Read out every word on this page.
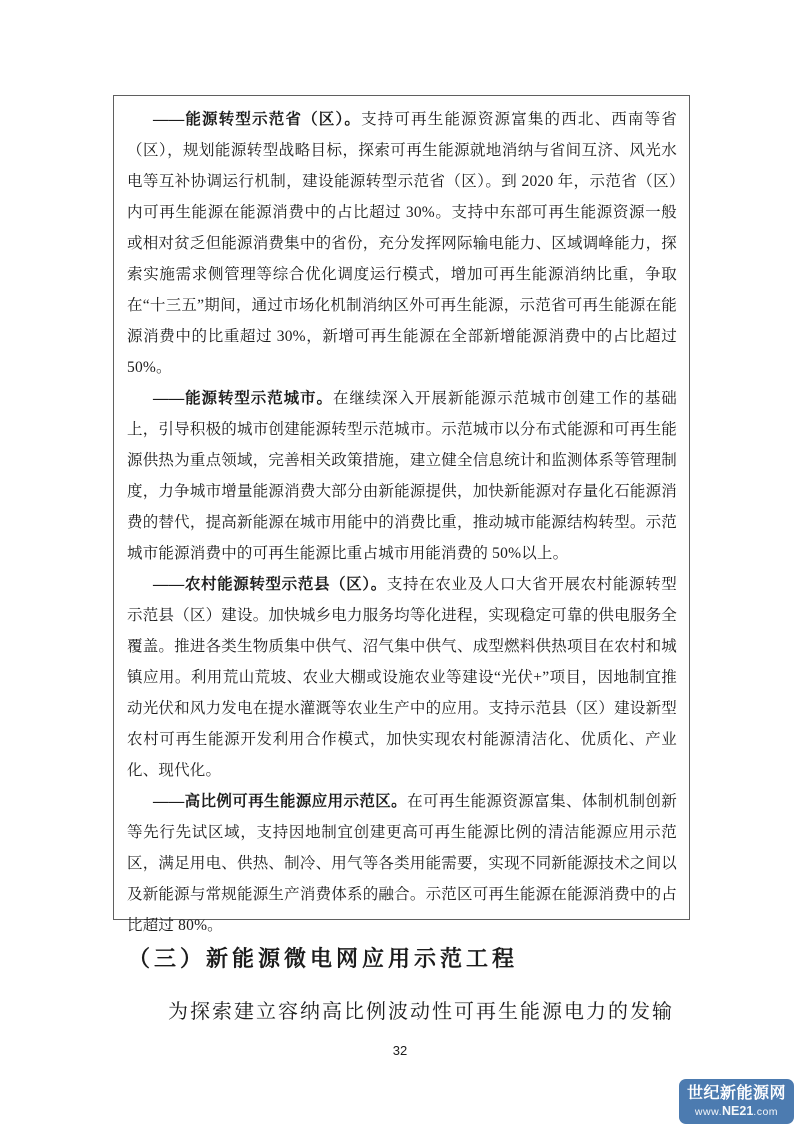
——能源转型示范省（区）。支持可再生能源资源富集的西北、西南等省（区），规划能源转型战略目标，探索可再生能源就地消纳与省间互济、风光水电等互补协调运行机制，建设能源转型示范省（区）。到 2020 年，示范省（区）内可再生能源在能源消费中的占比超过 30%。支持中东部可再生能源资源一般或相对贫乏但能源消费集中的省份，充分发挥网际输电能力、区域调峰能力，探索实施需求侧管理等综合优化调度运行模式，增加可再生能源消纳比重，争取在“十三五”期间，通过市场化机制消纳区外可再生能源，示范省可再生能源在能源消费中的比重超过 30%，新增可再生能源在全部新增能源消费中的占比超过 50%。

——能源转型示范城市。在继续深入开展新能源示范城市创建工作的基础上，引导积极的城市创建能源转型示范城市。示范城市以分布式能源和可再生能源供热为重点领域，完善相关政策措施，建立健全信息统计和监测体系等管理制度，力争城市增量能源消费大部分由新能源提供，加快新能源对存量化石能源消费的替代，提高新能源在城市用能中的消费比重，推动城市能源结构转型。示范城市能源消费中的可再生能源比重占城市用能消费的 50%以上。

——农村能源转型示范县（区）。支持在农业及人口大省开展农村能源转型示范县（区）建设。加快城乡电力服务均等化进程，实现稳定可靠的供电服务全覆盖。推进各类生物质集中供气、沼气集中供气、成型燃料供热项目在农村和城镇应用。利用荒山荒坡、农业大棚或设施农业等建设“光伏+”项目，因地制宜推动光伏和风力发电在提水灌溉等农业生产中的应用。支持示范县（区）建设新型农村可再生能源开发利用合作模式，加快实现农村能源清洁化、优质化、产业化、现代化。

——高比例可再生能源应用示范区。在可再生能源资源富集、体制机制创新等先行先试区域，支持因地制宜创建更高可再生能源比例的清洁能源应用示范区，满足用电、供热、制冷、用气等各类用能需要，实现不同新能源技术之间以及新能源与常规能源生产消费体系的融合。示范区可再生能源在能源消费中的占比超过 80%。

（三）新能源微电网应用示范工程

为探索建立容纳高比例波动性可再生能源电力的发输

32
世纪新能源网
www.NE21.com
